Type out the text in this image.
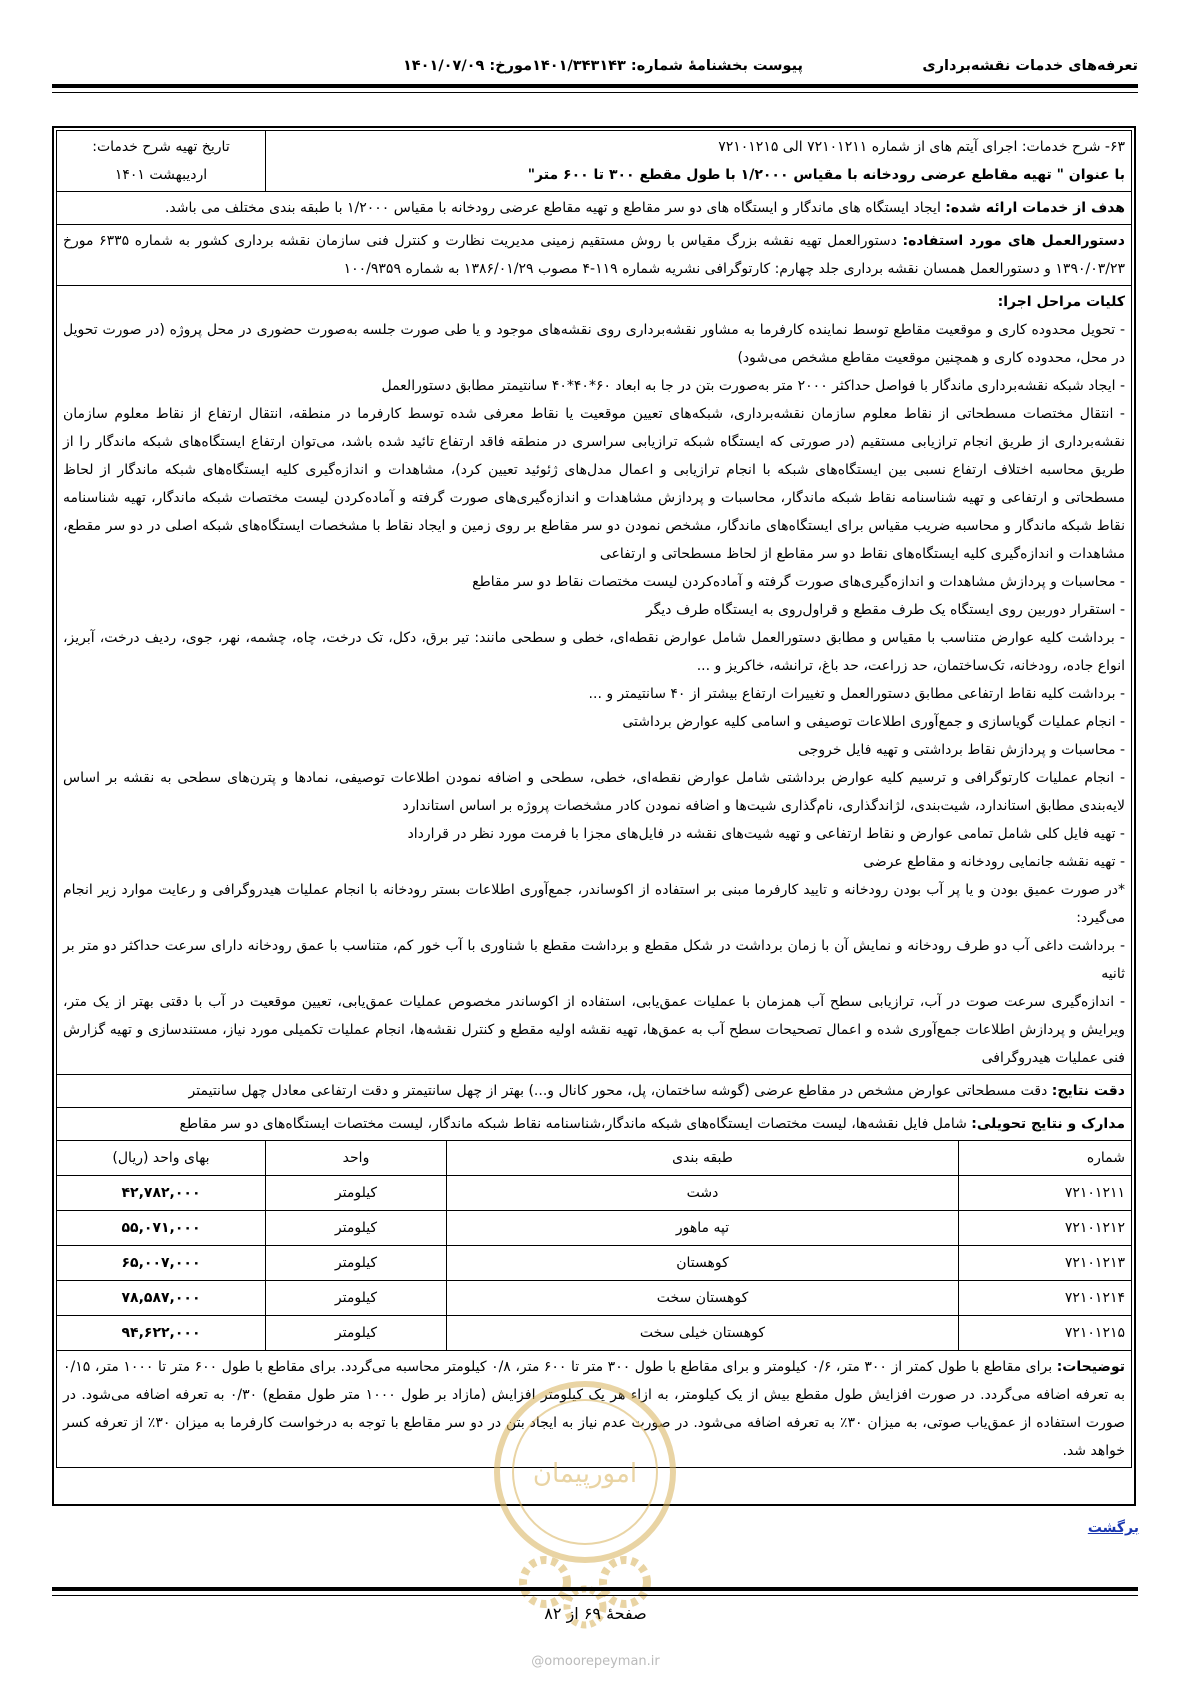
تعرفه‌های خدمات نقشه‌برداری
پیوست بخشنامۀ شماره: ۱۴۰۱/۳۴۳۱۴۳مورخ: ۱۴۰۱/۰۷/۰۹
۶۳- شرح خدمات: اجرای آیتم های از شماره ۷۲۱۰۱۲۱۱ الی ۷۲۱۰۱۲۱۵
با عنوان " تهیه مقاطع عرضی رودخانه با مقیاس ۱/۲۰۰۰ با طول مقطع ۳۰۰ تا ۶۰۰ متر"

تاریخ تهیه شرح خدمات:
اردیبهشت ۱۴۰۱

هدف از خدمات ارائه شده: ایجاد ایستگاه های ماندگار و ایستگاه های دو سر مقاطع و تهیه مقاطع عرضی رودخانه با مقیاس ۱/۲۰۰۰ با طبقه بندی مختلف می باشد.
دستورالعمل های مورد استفاده: دستورالعمل تهیه نقشه بزرگ مقیاس با روش مستقیم زمینی مدیریت نظارت و کنترل فنی سازمان نقشه برداری کشور به شماره ۶۳۳۵ مورخ ۱۳۹۰/۰۳/۲۳ و دستورالعمل همسان نقشه برداری جلد چهارم: کارتوگرافی نشریه شماره ۱۱۹-۴ مصوب ۱۳۸۶/۰۱/۲۹ به شماره ۱۰۰/۹۳۵۹

کلیات مراحل اجرا:
- تحویل محدوده کاری و موقعیت مقاطع توسط نماینده کارفرما به مشاور نقشه‌برداری روی نقشه‌های موجود و یا طی صورت جلسه به‌صورت حضوری در محل پروژه (در صورت تحویل در محل، محدوده کاری و همچنین موقعیت مقاطع مشخص می‌شود)
- ایجاد شبکه نقشه‌برداری ماندگار با فواصل حداکثر ۲۰۰۰ متر به‌صورت بتن در جا به ابعاد ۶۰*۴۰*۴۰ سانتیمتر مطابق دستورالعمل
- انتقال مختصات مسطحاتی از نقاط معلوم سازمان نقشه‌برداری، شبکه‌های تعیین موقعیت یا نقاط معرفی شده توسط کارفرما در منطقه، انتقال ارتفاع از نقاط معلوم سازمان نقشه‌برداری از طریق انجام ترازیابی مستقیم (در صورتی که ایستگاه شبکه ترازیابی سراسری در منطقه فاقد ارتفاع تائید شده باشد، می‌توان ارتفاع ایستگاه‌های شبکه ماندگار را از طریق محاسبه اختلاف ارتفاع نسبی بین ایستگاه‌های شبکه با انجام ترازیابی و اعمال مدل‌های ژئوئید تعیین کرد)، مشاهدات و اندازه‌گیری کلیه ایستگاه‌های شبکه ماندگار از لحاظ مسطحاتی و ارتفاعی و تهیه شناسنامه نقاط شبکه ماندگار، محاسبات و پردازش مشاهدات و اندازه‌گیری‌های صورت گرفته و آماده‌کردن لیست مختصات شبکه ماندگار، تهیه شناسنامه نقاط شبکه ماندگار و محاسبه ضریب مقیاس برای ایستگاه‌های ماندگار، مشخص نمودن دو سر مقاطع بر روی زمین و ایجاد نقاط با مشخصات ایستگاه‌های شبکه اصلی در دو سر مقطع، مشاهدات و اندازه‌گیری کلیه ایستگاه‌های نقاط دو سر مقاطع از لحاظ مسطحاتی و ارتفاعی
- محاسبات و پردازش مشاهدات و اندازه‌گیری‌های صورت گرفته و آماده‌کردن لیست مختصات نقاط دو سر مقاطع
- استقرار دوربین روی ایستگاه یک طرف مقطع و قراول‌روی به ایستگاه طرف دیگر
- برداشت کلیه عوارض متناسب با مقیاس و مطابق دستورالعمل شامل عوارض نقطه‌ای، خطی و سطحی مانند: تیر برق، دکل، تک درخت، چاه، چشمه، نهر، جوی، ردیف درخت، آبریز، انواع جاده، رودخانه، تک‌ساختمان، حد زراعت، حد باغ، ترانشه، خاکریز و ...
- برداشت کلیه نقاط ارتفاعی مطابق دستورالعمل و تغییرات ارتفاع بیشتر از ۴۰ سانتیمتر و ...
- انجام عملیات گویاسازی و جمع‌آوری اطلاعات توصیفی و اسامی کلیه عوارض برداشتی
- محاسبات و پردازش نقاط برداشتی و تهیه فایل خروجی
- انجام عملیات کارتوگرافی و ترسیم کلیه عوارض برداشتی شامل عوارض نقطه‌ای، خطی، سطحی و اضافه نمودن اطلاعات توصیفی، نمادها و پترن‌های سطحی به نقشه بر اساس لایه‌بندی مطابق استاندارد، شیت‌بندی، لژاندگذاری، نام‌گذاری شیت‌ها و اضافه نمودن کادر مشخصات پروژه بر اساس استاندارد
- تهیه فایل کلی شامل تمامی عوارض و نقاط ارتفاعی و تهیه شیت‌های نقشه در فایل‌های مجزا با فرمت مورد نظر در قرارداد
- تهیه نقشه جانمایی رودخانه و مقاطع عرضی
*در صورت عمیق بودن و یا پر آب بودن رودخانه و تایید کارفرما مبنی بر استفاده از اکوساندر، جمع‌آوری اطلاعات بستر رودخانه با انجام عملیات هیدروگرافی و رعایت موارد زیر انجام می‌گیرد:
- برداشت داغی آب دو طرف رودخانه و نمایش آن با زمان برداشت در شکل مقطع و برداشت مقطع با شناوری با آب خور کم، متناسب با عمق رودخانه دارای سرعت حداکثر دو متر بر ثانیه
- اندازه‌گیری سرعت صوت در آب، ترازیابی سطح آب همزمان با عملیات عمق‌یابی، استفاده از اکوساندر مخصوص عملیات عمق‌یابی، تعیین موقعیت در آب با دقتی بهتر از یک متر، ویرایش و پردازش اطلاعات جمع‌آوری شده و اعمال تصحیحات سطح آب به عمق‌ها، تهیه نقشه اولیه مقطع و کنترل نقشه‌ها، انجام عملیات تکمیلی مورد نیاز، مستندسازی و تهیه گزارش فنی عملیات هیدروگرافی

دقت نتایج: دقت مسطحاتی عوارض مشخص در مقاطع عرضی (گوشه ساختمان، پل، محور کانال و...) بهتر از چهل سانتیمتر و دقت ارتفاعی معادل چهل سانتیمتر
مدارک و نتایج تحویلی: شامل فایل نقشه‌ها، لیست مختصات ایستگاه‌های شبکه ماندگار،شناسنامه نقاط شبکه ماندگار، لیست مختصات ایستگاه‌های دو سر مقاطع
شماره	طبقه بندی	واحد	بهای واحد (ریال)
۷۲۱۰۱۲۱۱	دشت	کیلومتر	۴۲,۷۸۲,۰۰۰
۷۲۱۰۱۲۱۲	تپه ماهور	کیلومتر	۵۵,۰۷۱,۰۰۰
۷۲۱۰۱۲۱۳	کوهستان	کیلومتر	۶۵,۰۰۷,۰۰۰
۷۲۱۰۱۲۱۴	کوهستان سخت	کیلومتر	۷۸,۵۸۷,۰۰۰
۷۲۱۰۱۲۱۵	کوهستان خیلی سخت	کیلومتر	۹۴,۶۲۲,۰۰۰
توضیحات: برای مقاطع با طول کمتر از ۳۰۰ متر، ۰/۶ کیلومتر و برای مقاطع با طول ۳۰۰ متر تا ۶۰۰ متر، ۰/۸ کیلومتر محاسبه می‌گردد. برای مقاطع با طول ۶۰۰ متر تا ۱۰۰۰ متر، ۰/۱۵ به تعرفه اضافه می‌گردد. در صورت افزایش طول مقطع بیش از یک کیلومتر، به ازاء هر یک کیلومتر افزایش (مازاد بر طول ۱۰۰۰ متر طول مقطع) ۰/۳۰ به تعرفه اضافه می‌شود. در صورت استفاده از عمق‌یاب صوتی، به میزان ۳۰٪ به تعرفه اضافه می‌شود. در صورت عدم نیاز به ایجاد بتن در دو سر مقاطع با توجه به درخواست کارفرما به میزان ۳۰٪ از تعرفه کسر خواهد شد.
امورپیمان
برگشت
صفحۀ ۶۹ از ۸۲
@omoorepeyman.ir
